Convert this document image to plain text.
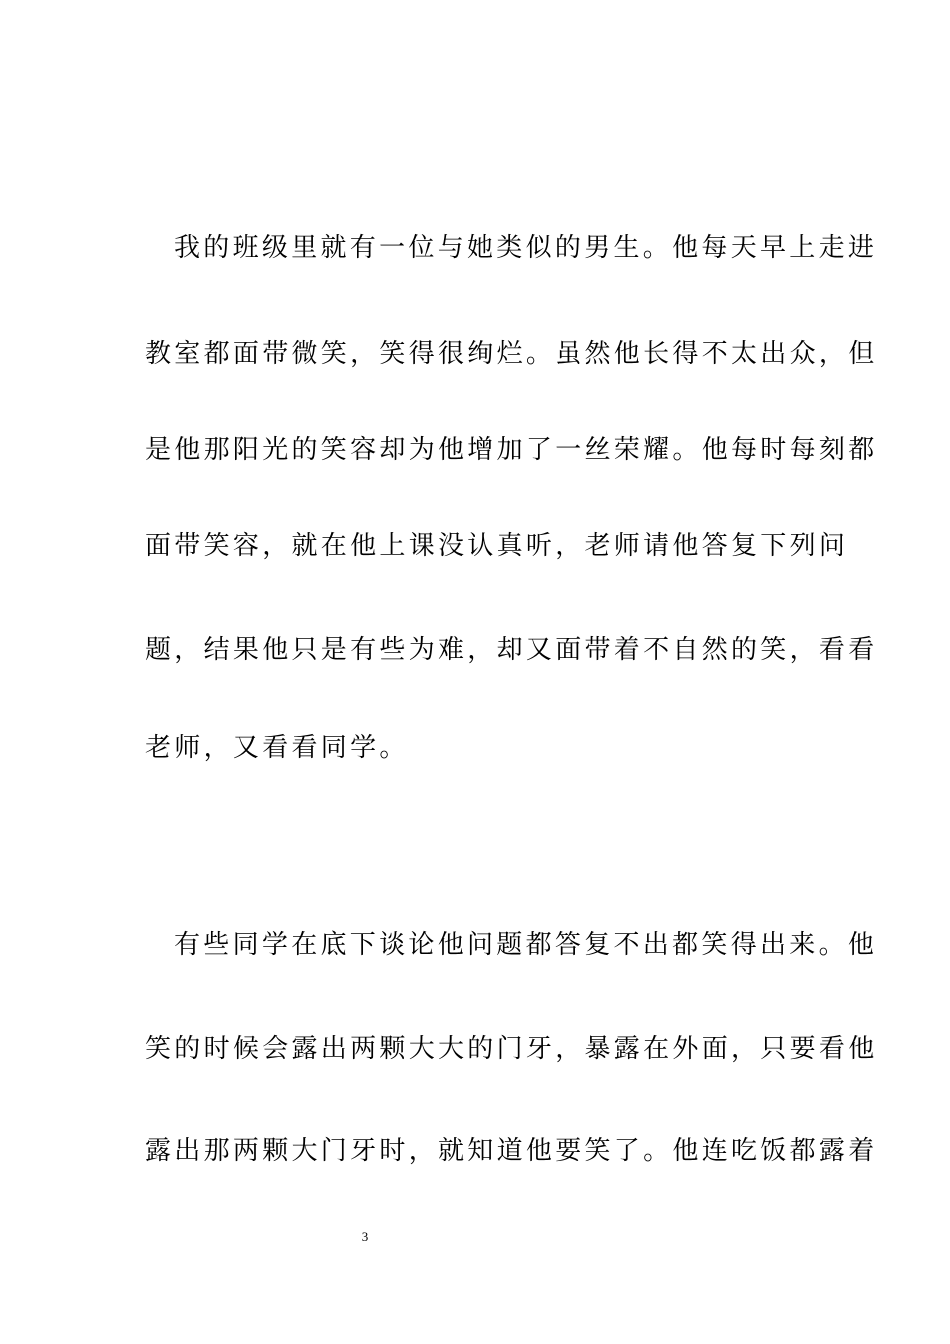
我的班级里就有一位与她类似的男生。他每天早上走进
教室都面带微笑，笑得很绚烂。虽然他长得不太出众，但
是他那阳光的笑容却为他增加了一丝荣耀。他每时每刻都
面带笑容，就在他上课没认真听，老师请他答复下列问
题，结果他只是有些为难，却又面带着不自然的笑，看看
老师，又看看同学。
有些同学在底下谈论他问题都答复不出都笑得出来。他
笑的时候会露出两颗大大的门牙，暴露在外面，只要看他
露出那两颗大门牙时，就知道他要笑了。他连吃饭都露着
3
